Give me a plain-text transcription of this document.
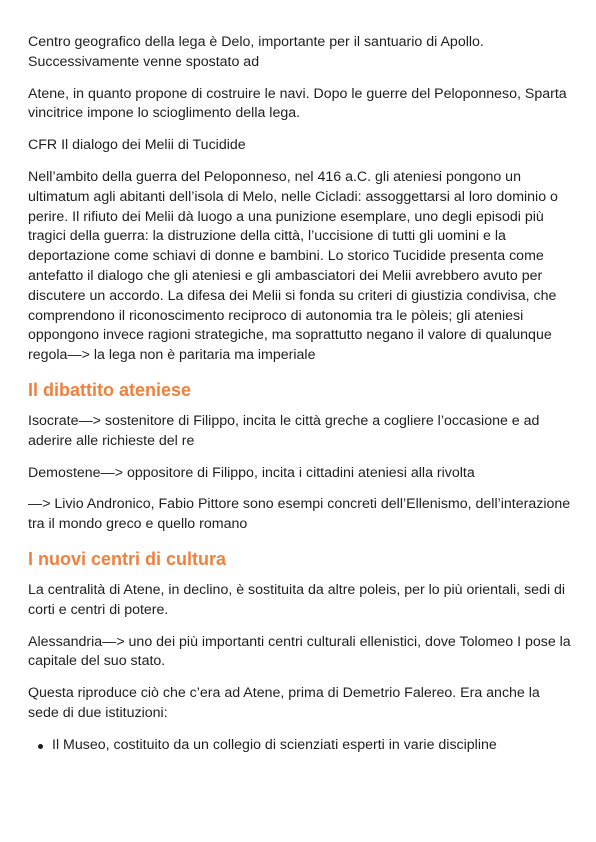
Centro geografico della lega è Delo, importante per il santuario di Apollo. Successivamente venne spostato ad

Atene, in quanto propone di costruire le navi. Dopo le guerre del Peloponneso, Sparta vincitrice impone lo scioglimento della lega.

CFR Il dialogo dei Melii di Tucidide

Nell’ambito della guerra del Peloponneso, nel 416 a.C. gli ateniesi pongono un ultimatum agli abitanti dell’isola di Melo, nelle Cicladi: assoggettarsi al loro dominio o perire. Il rifiuto dei Melii dà luogo a una punizione esemplare, uno degli episodi più tragici della guerra: la distruzione della città, l’uccisione di tutti gli uomini e la deportazione come schiavi di donne e bambini. Lo storico Tucidide presenta come antefatto il dialogo che gli ateniesi e gli ambasciatori dei Melii avrebbero avuto per discutere un accordo. La difesa dei Melii si fonda su criteri di giustizia condivisa, che comprendono il riconoscimento reciproco di autonomia tra le pòleis; gli ateniesi oppongono invece ragioni strategiche, ma soprattutto negano il valore di qualunque regola—> la lega non è paritaria ma imperiale

Il dibattito ateniese

Isocrate—> sostenitore di Filippo, incita le città greche a cogliere l’occasione e ad aderire alle richieste del re

Demostene—> oppositore di Filippo, incita i cittadini ateniesi alla rivolta

—> Livio Andronico, Fabio Pittore sono esempi concreti dell’Ellenismo, dell’interazione tra il mondo greco e quello romano

I nuovi centri di cultura

La centralità di Atene, in declino, è sostituita da altre poleis, per lo più orientali, sedi di corti e centri di potere.

Alessandria—> uno dei più importanti centri culturali ellenistici, dove Tolomeo I pose la capitale del suo stato.

Questa riproduce ciò che c’era ad Atene, prima di Demetrio Falereo. Era anche la sede di due istituzioni:

Il Museo, costituito da un collegio di scienziati esperti in varie discipline
